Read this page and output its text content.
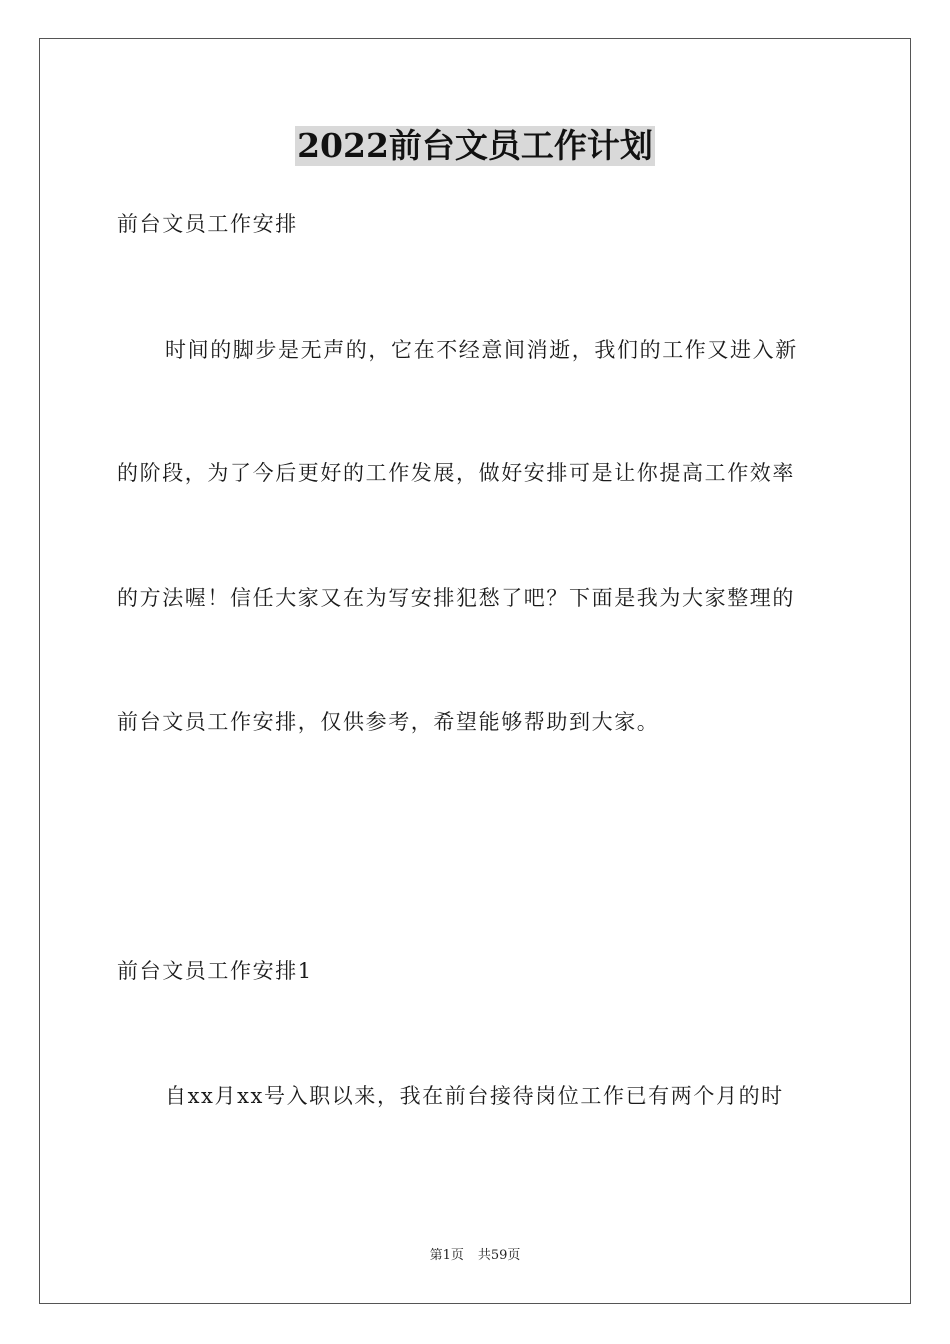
2022前台文员工作计划
前台文员工作安排
时间的脚步是无声的，它在不经意间消逝，我们的工作又进入新
的阶段，为了今后更好的工作发展，做好安排可是让你提高工作效率
的方法喔！信任大家又在为写安排犯愁了吧？下面是我为大家整理的
前台文员工作安排，仅供参考，希望能够帮助到大家。
前台文员工作安排1
自xx月xx号入职以来，我在前台接待岗位工作已有两个月的时
第1页 共59页
